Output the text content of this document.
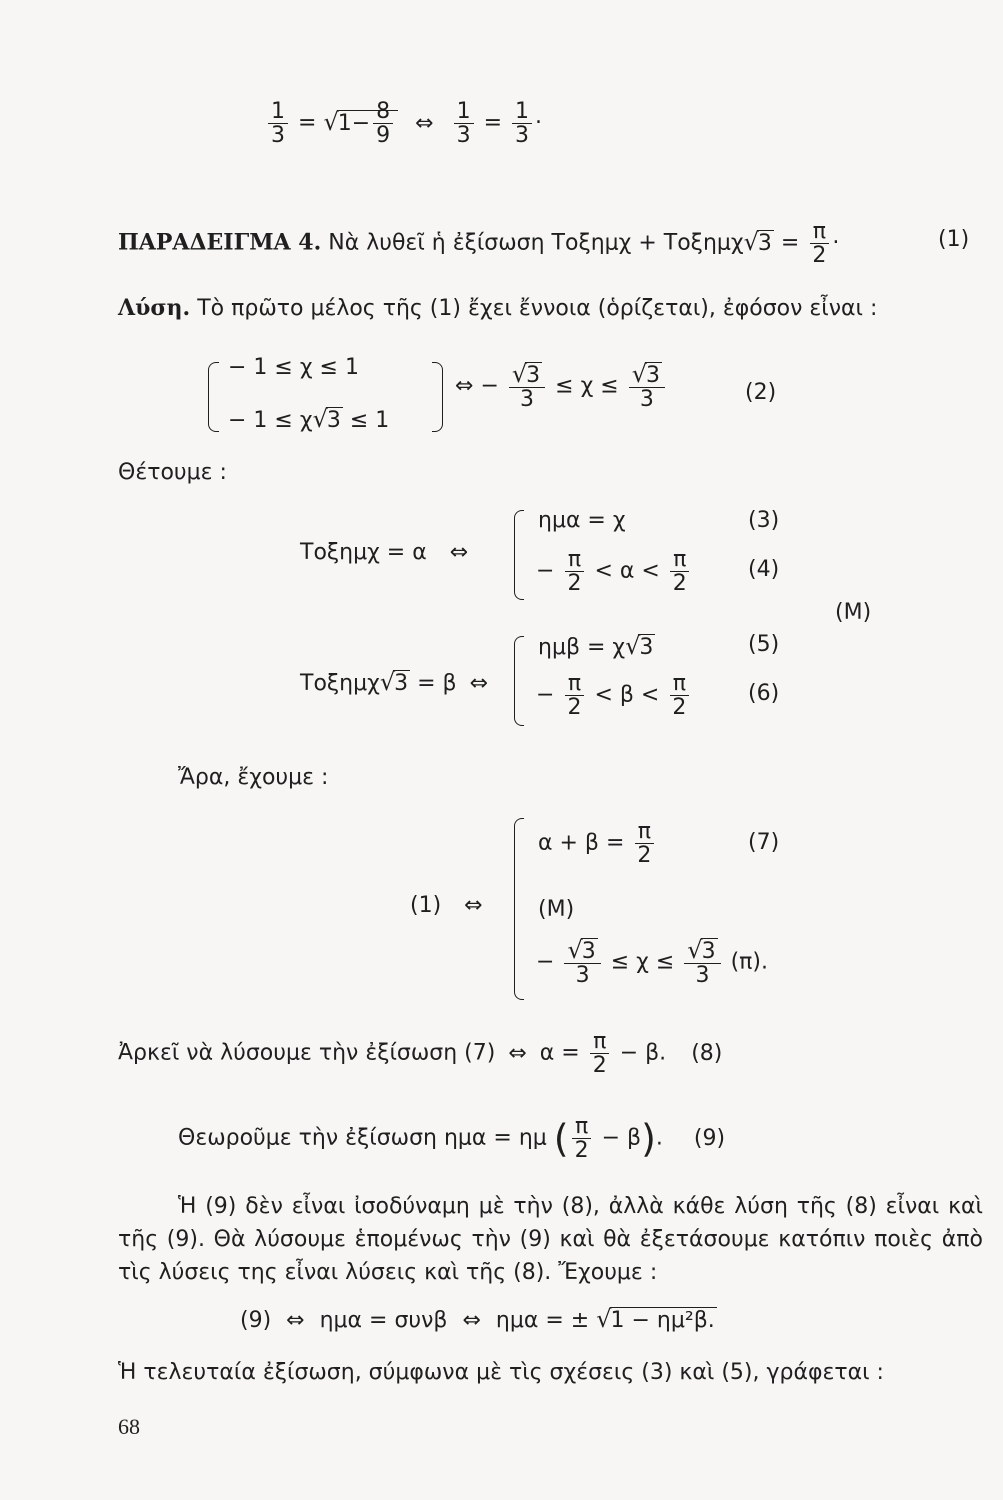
$\frac{1}{3} = √1- \frac{8}{9}$ ⇔ $\frac{1}{3} = \frac{1}{3}$ ·
ΠΑΡΑΔΕΙΓΜΑ 4. Νὰ λυθεῖ ἡ ἐξίσωση $To\xi\eta\mu\chi + To\xi\eta\mu\chi√3 = \frac{\pi}{2}$ ·	(1)
Λύση. Τὸ πρῶτο μέλος τῆς (1) ἔχει ἔννοια (ὁρίζεται), ἐφόσον εἶναι :
− 1 ≤ χ ≤ 1
− 1 ≤ χ√3 ≤ 1
⇔ − $\frac{√3}{3} \le \chi \le \frac{√3}{3}$	(2)
Θέτουμε :
Τοξημχ = α ⇔
ημα = χ	(3)
− $\frac{\pi}{2} < \alpha < \frac{\pi}{2}$	(4)
(Μ)
Τοξημχ√3 = β ⇔
ημβ = χ√3	(5)
− $\frac{\pi}{2} < \beta < \frac{\pi}{2}$	(6)
Ἄρα, ἔχουμε :
(1) ⇔
$\alpha + \beta = \frac{\pi}{2}$	(7)
(Μ)
− $\frac{√3}{3} \le \chi \le \frac{√3}{3} (\pi)$.
Ἀρκεῖ νὰ λύσουμε τὴν ἐξίσωση (7) ⇔ $\alpha = \frac{\pi}{2} - \beta$. (8)
Θεωροῦμε τὴν ἐξίσωση ημα = ημ ( $\frac{\pi}{2} - \beta$). (9)
Ἡ (9) δὲν εἶναι ἰσοδύναμη μὲ τὴν (8), ἀλλὰ κάθε λύση τῆς (8) εἶναι καὶ τῆς (9). Θὰ λύσουμε ἑπομένως τὴν (9) καὶ θὰ ἐξετάσουμε κατόπιν ποιὲς ἀπὸ τὶς λύσεις της εἶναι λύσεις καὶ τῆς (8). Ἔχουμε :
(9) ⇔ ημα = συνβ ⇔ ημα = ± √1 − ημ²β.
Ἡ τελευταία ἐξίσωση, σύμφωνα μὲ τὶς σχέσεις (3) καὶ (5), γράφεται :
68
